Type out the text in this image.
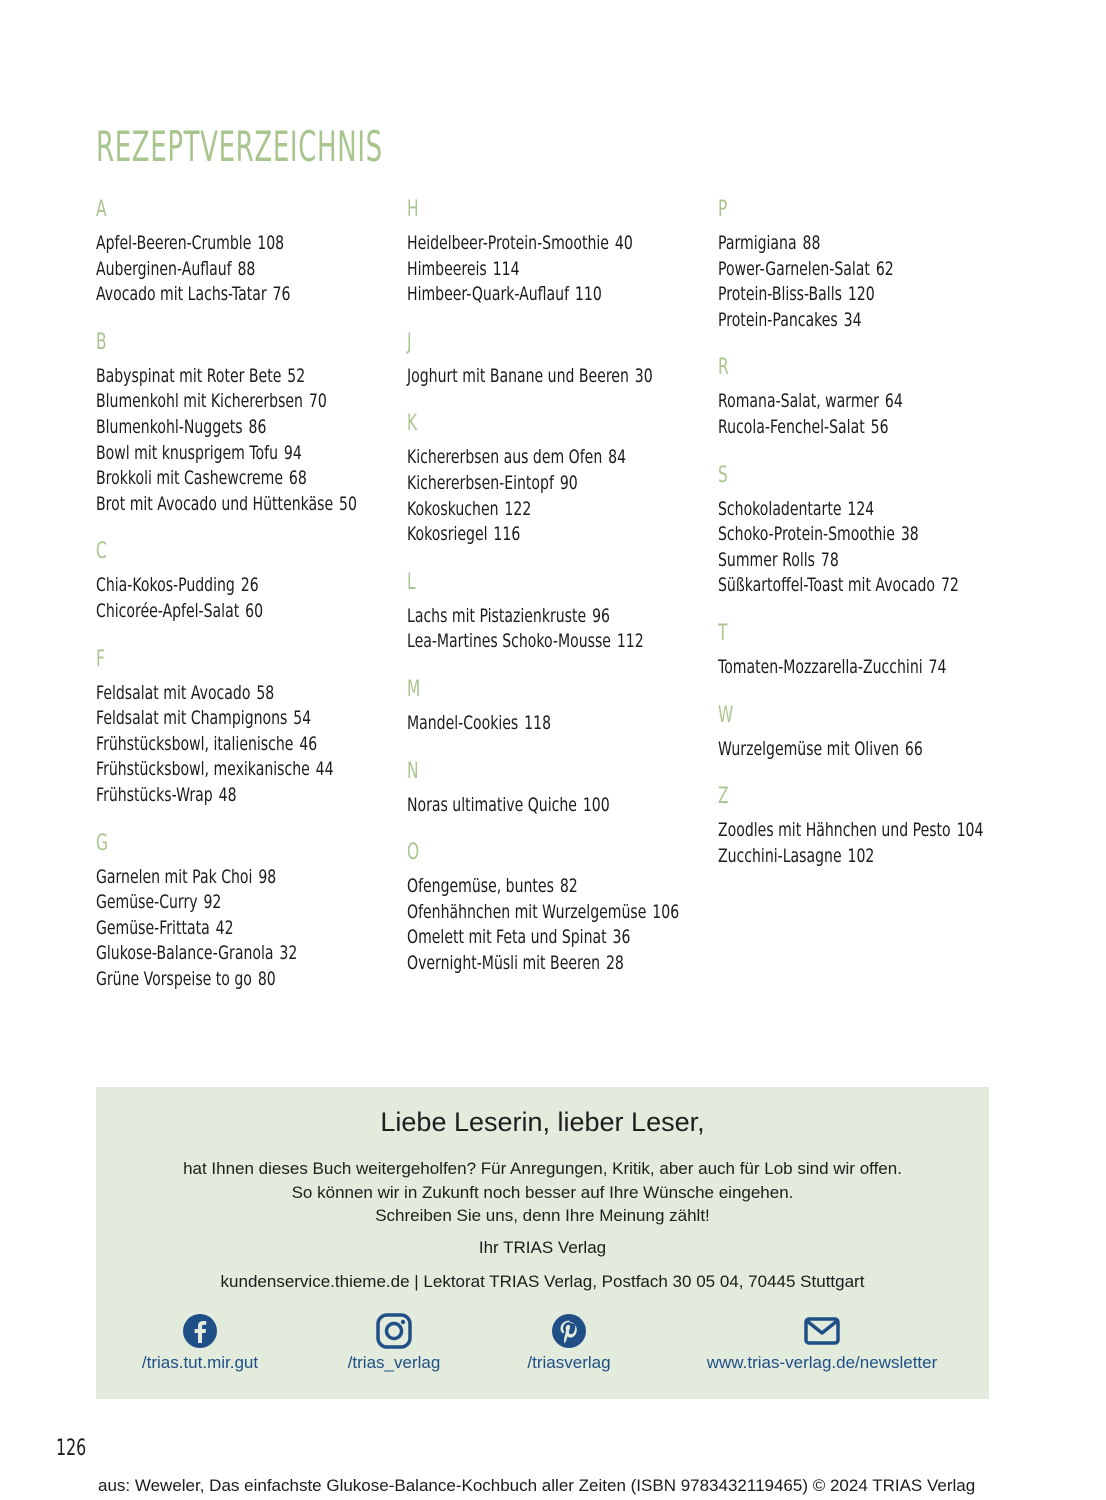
REZEPTVERZEICHNIS
A
Apfel-Beeren-Crumble 108
Auberginen-Auflauf 88
Avocado mit Lachs-Tatar 76
B
Babyspinat mit Roter Bete 52
Blumenkohl mit Kichererbsen 70
Blumenkohl-Nuggets 86
Bowl mit knusprigem Tofu 94
Brokkoli mit Cashewcreme 68
Brot mit Avocado und Hüttenkäse 50
C
Chia-Kokos-Pudding 26
Chicorée-Apfel-Salat 60
F
Feldsalat mit Avocado 58
Feldsalat mit Champignons 54
Frühstücksbowl, italienische 46
Frühstücksbowl, mexikanische 44
Frühstücks-Wrap 48
G
Garnelen mit Pak Choi 98
Gemüse-Curry 92
Gemüse-Frittata 42
Glukose-Balance-Granola 32
Grüne Vorspeise to go 80
H
Heidelbeer-Protein-Smoothie 40
Himbeereis 114
Himbeer-Quark-Auflauf 110
J
Joghurt mit Banane und Beeren 30
K
Kichererbsen aus dem Ofen 84
Kichererbsen-Eintopf 90
Kokoskuchen 122
Kokosriegel 116
L
Lachs mit Pistazienkruste 96
Lea-Martines Schoko-Mousse 112
M
Mandel-Cookies 118
N
Noras ultimative Quiche 100
O
Ofengemüse, buntes 82
Ofenhähnchen mit Wurzelgemüse 106
Omelett mit Feta und Spinat 36
Overnight-Müsli mit Beeren 28
P
Parmigiana 88
Power-Garnelen-Salat 62
Protein-Bliss-Balls 120
Protein-Pancakes 34
R
Romana-Salat, warmer 64
Rucola-Fenchel-Salat 56
S
Schokoladentarte 124
Schoko-Protein-Smoothie 38
Summer Rolls 78
Süßkartoffel-Toast mit Avocado 72
T
Tomaten-Mozzarella-Zucchini 74
W
Wurzelgemüse mit Oliven 66
Z
Zoodles mit Hähnchen und Pesto 104
Zucchini-Lasagne 102
Liebe Leserin, lieber Leser,
hat Ihnen dieses Buch weitergeholfen? Für Anregungen, Kritik, aber auch für Lob sind wir offen.
So können wir in Zukunft noch besser auf Ihre Wünsche eingehen.
Schreiben Sie uns, denn Ihre Meinung zählt!
Ihr TRIAS Verlag
kundenservice.thieme.de | Lektorat TRIAS Verlag, Postfach 30 05 04, 70445 Stuttgart
/trias.tut.mir.gut	/trias_verlag	/triasverlag	www.trias-verlag.de/newsletter
126
aus: Weweler, Das einfachste Glukose-Balance-Kochbuch aller Zeiten (ISBN 9783432119465) © 2024 TRIAS Verlag
